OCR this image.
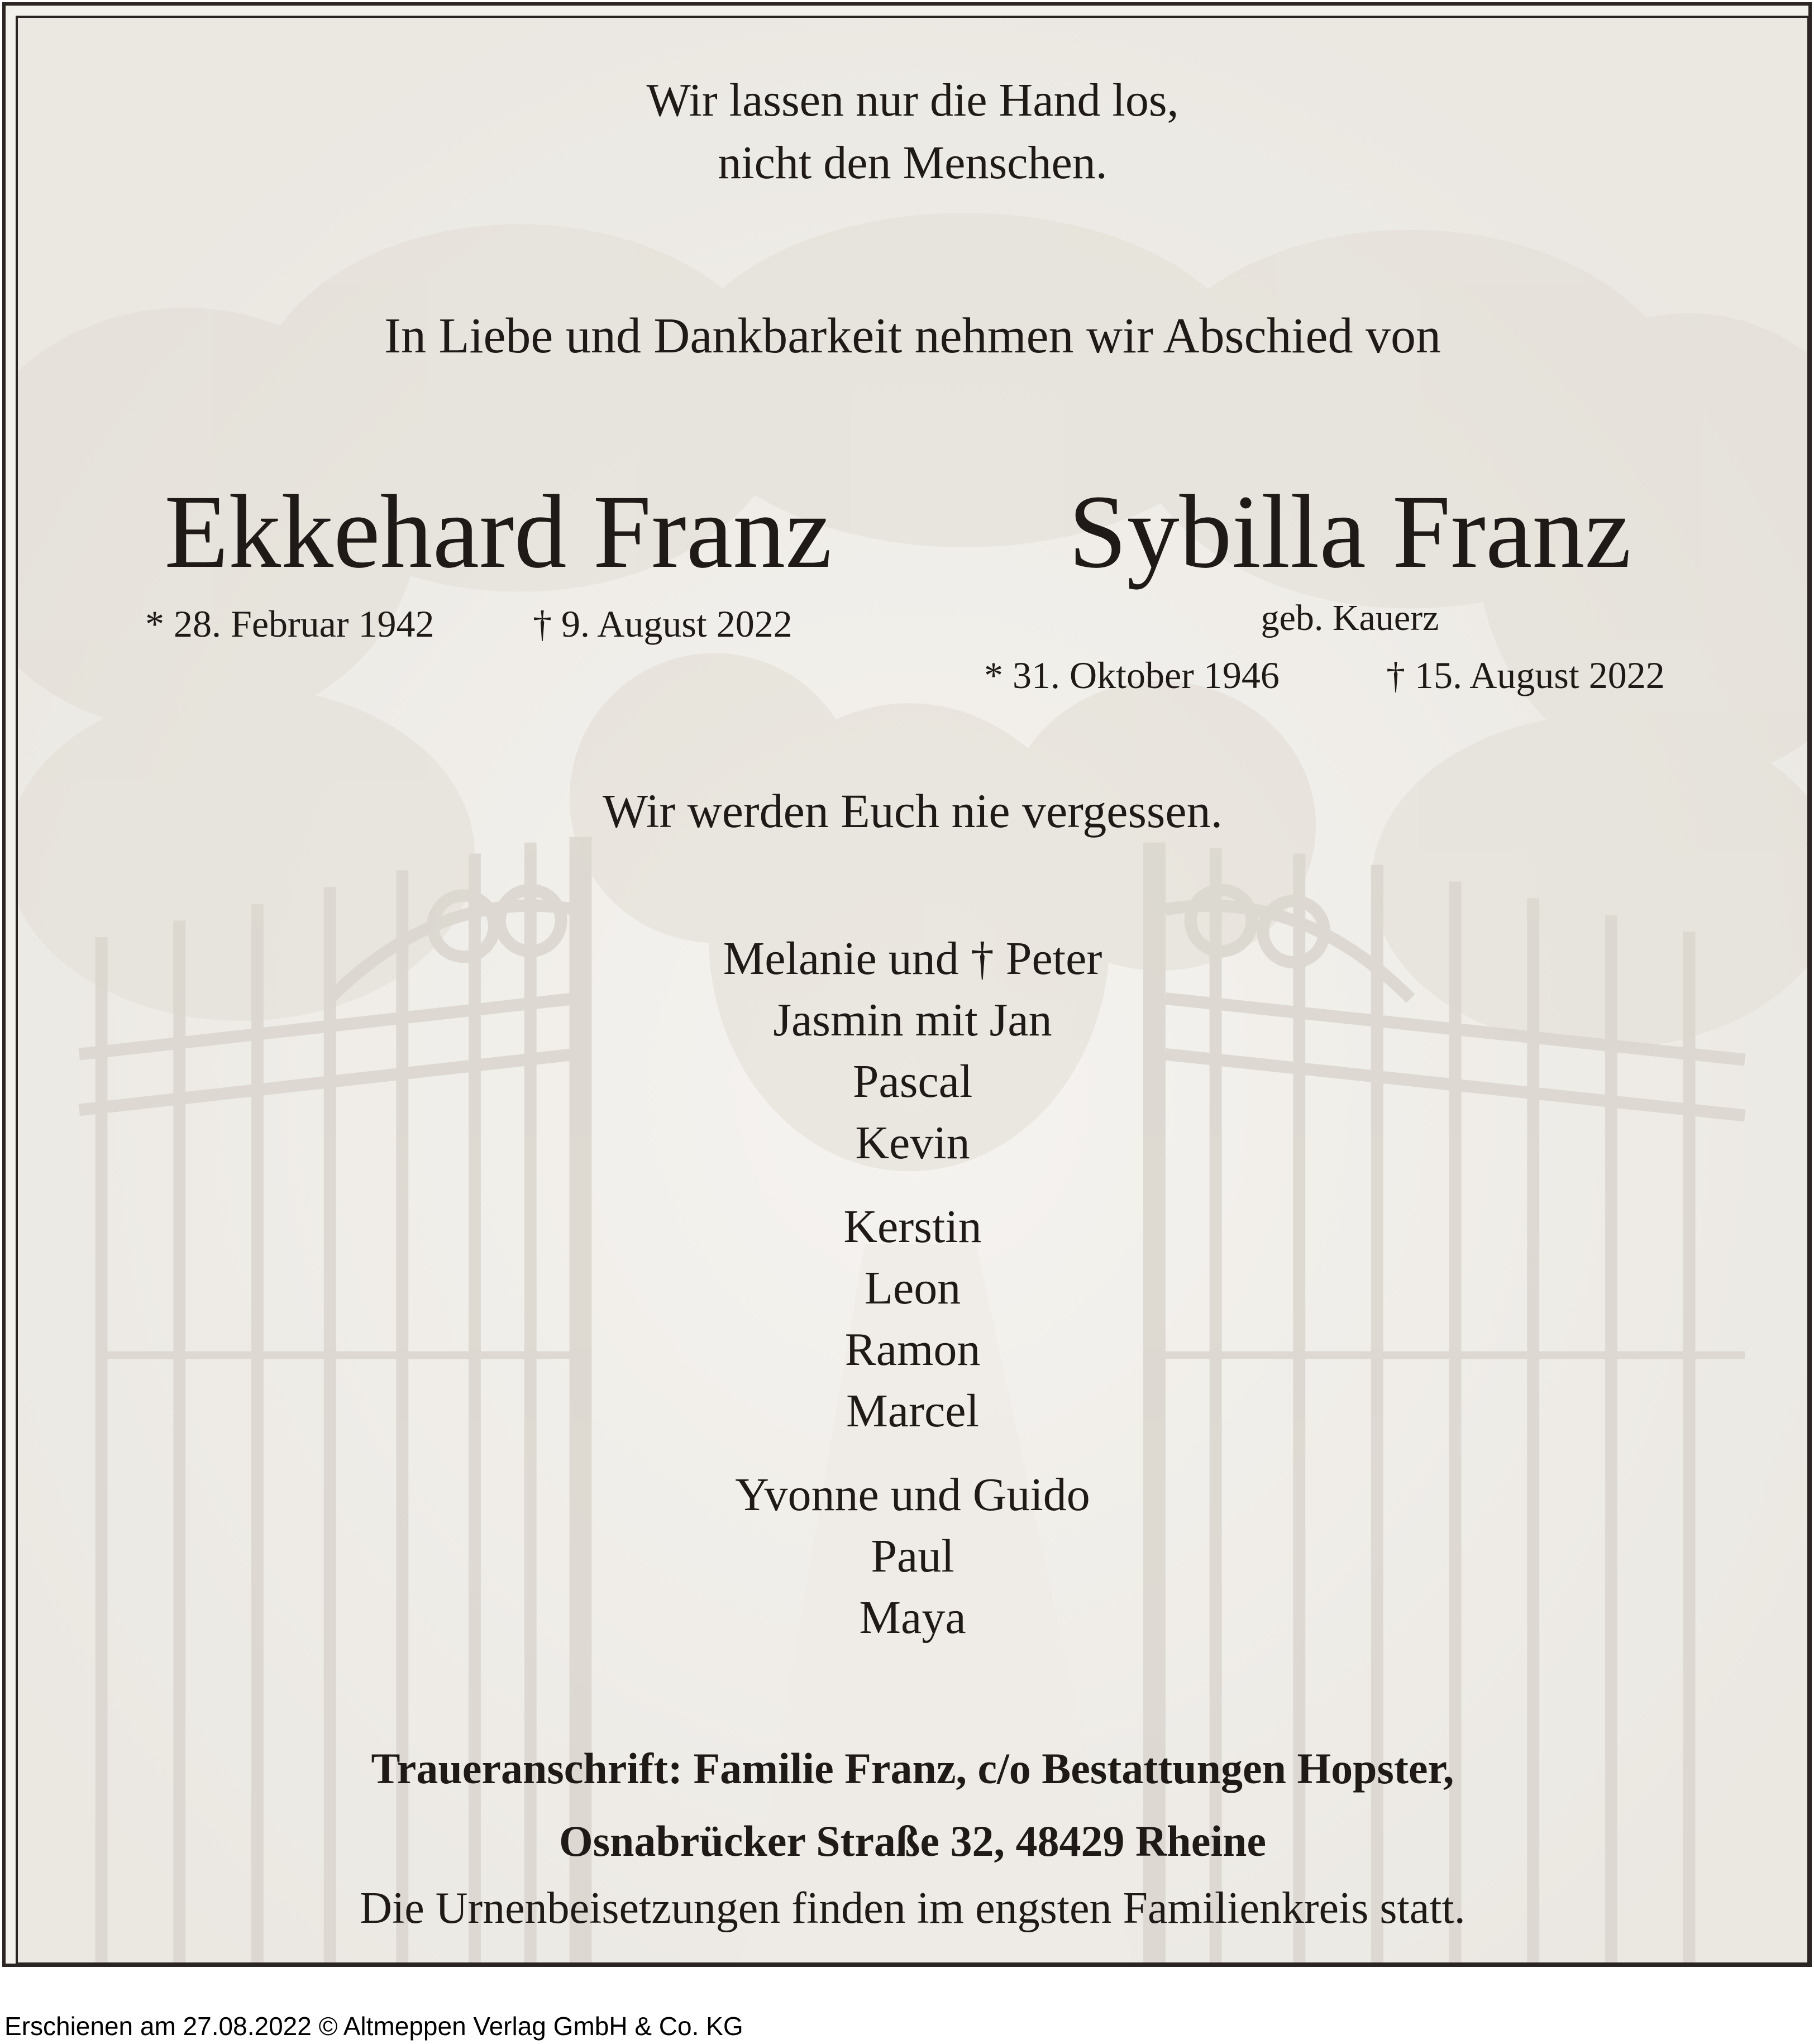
Wir lassen nur die Hand los,
nicht den Menschen.
In Liebe und Dankbarkeit nehmen wir Abschied von
Ekkehard Franz	Sybilla Franz
* 28. Februar 1942	† 9. August 2022	geb. Kauerz
* 31. Oktober 1946	† 15. August 2022
Wir werden Euch nie vergessen.
Melanie und † Peter
Jasmin mit Jan
Pascal
Kevin
Kerstin
Leon
Ramon
Marcel
Yvonne und Guido
Paul
Maya
Traueranschrift: Familie Franz, c/o Bestattungen Hopster,
Osnabrücker Straße 32, 48429 Rheine
Die Urnenbeisetzungen finden im engsten Familienkreis statt.
Erschienen am 27.08.2022 © Altmeppen Verlag GmbH & Co. KG
